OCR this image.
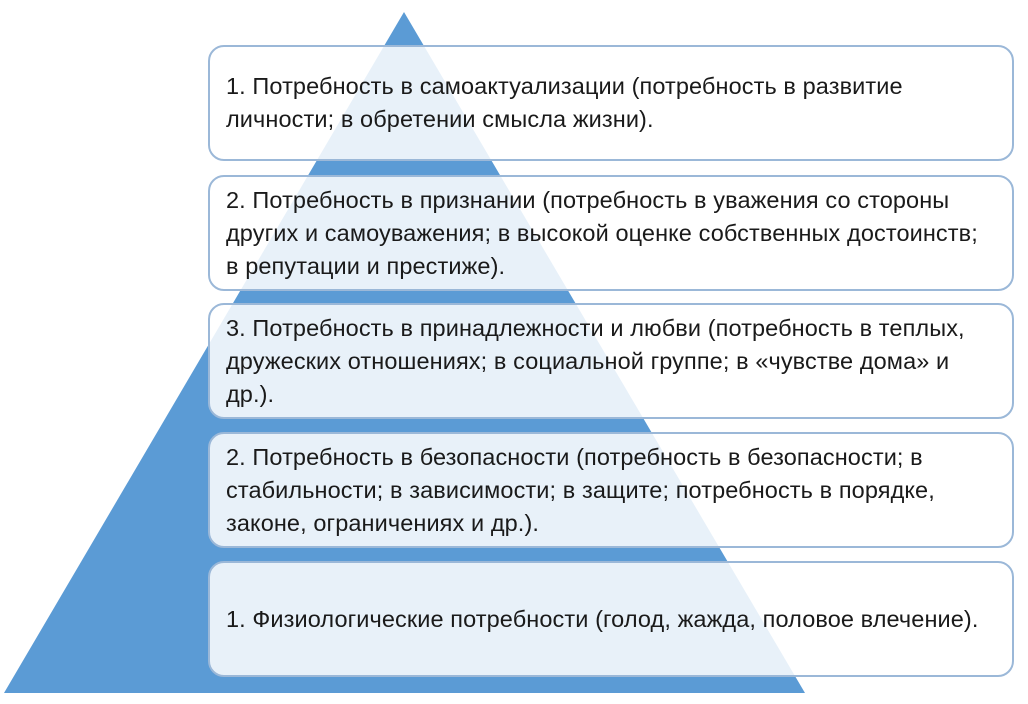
1. Потребность в самоактуализации (потребность в развитие личности; в обретении смысла жизни).
2. Потребность в признании (потребность в уважения со стороны других и самоуважения; в высокой оценке собственных достоинств; в репутации и престиже).
3. Потребность в принадлежности и любви (потребность в теплых, дружеских отношениях; в социальной группе; в «чувстве дома» и др.).
2. Потребность в безопасности (потребность в безопасности; в стабильности; в зависимости; в защите; потребность в порядке, законе, ограничениях и др.).
1. Физиологические потребности (голод, жажда, половое влечение).
